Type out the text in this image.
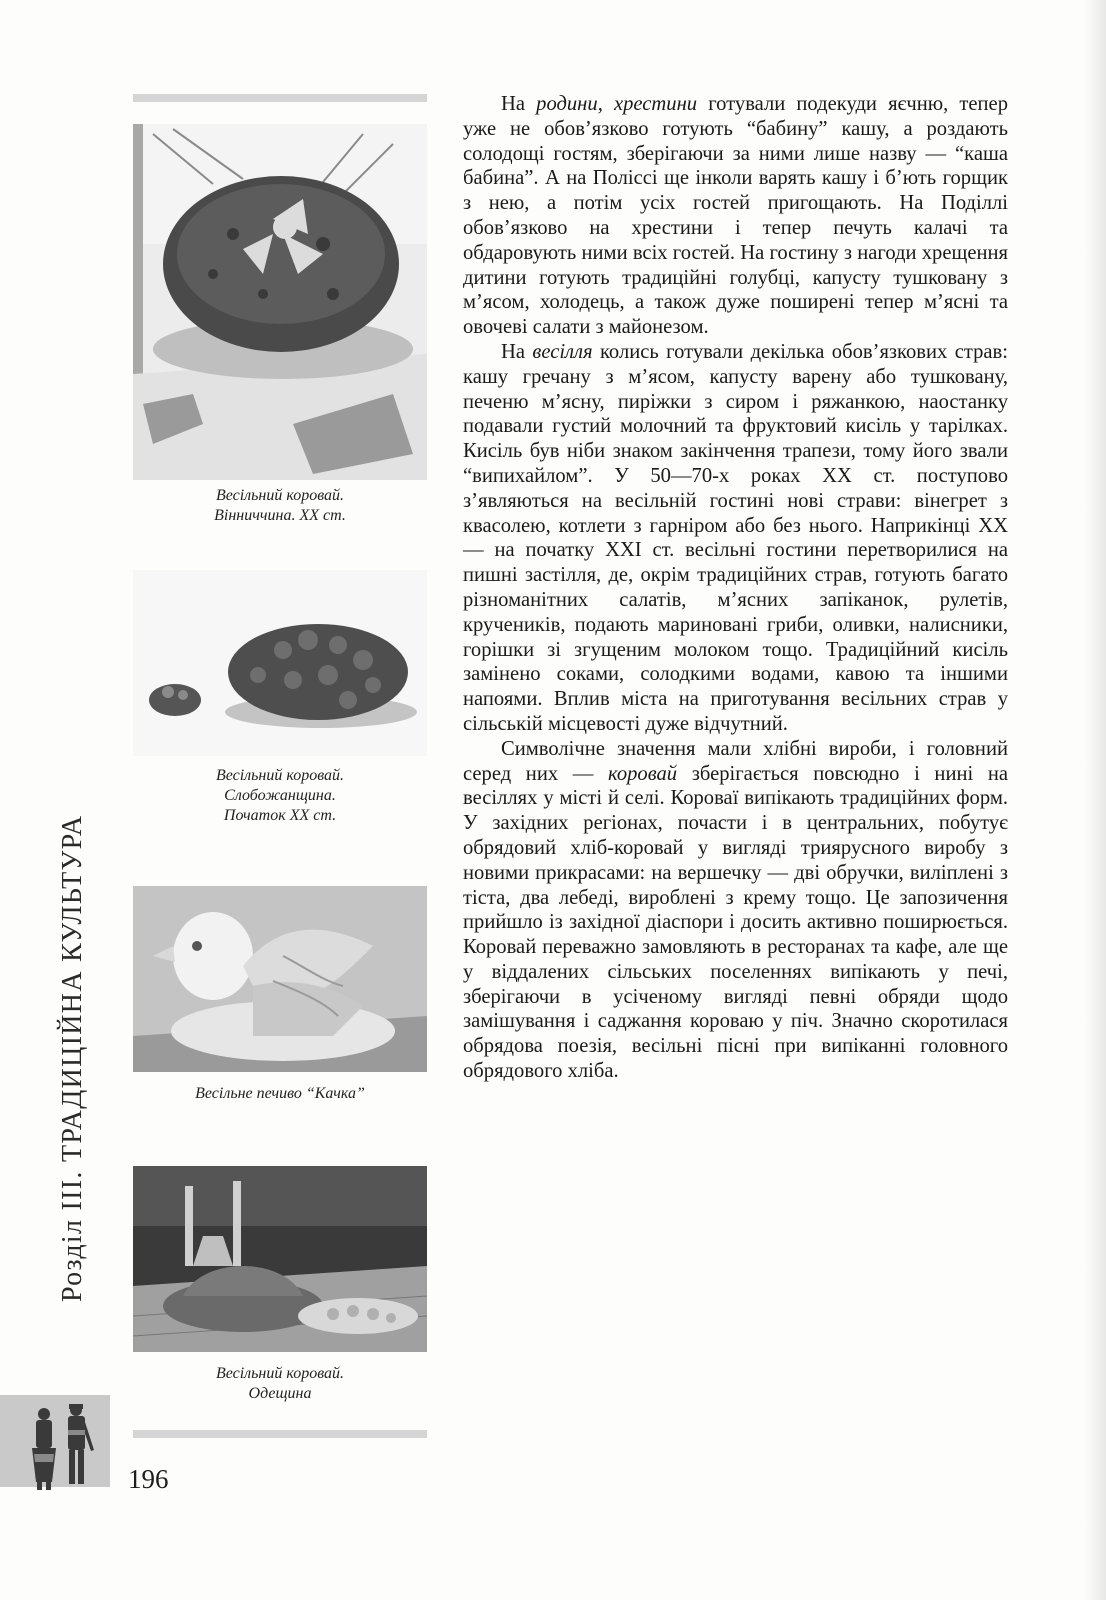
Розділ ІІІ. ТРАДИЦІЙНА КУЛЬТУРА
196
Весільний коровай.
Вінниччина. ХХ ст.
Весільний коровай.
Слобожанщина.
Початок ХХ ст.
Весільне печиво “Качка”
Весільний коровай.
Одещина

На родини, хрестини готували подекуди яєчню, тепер уже не обов’язково готують “бабину” кашу, а роздають солодощі гостям, зберігаючи за ними лише назву — “каша бабина”. А на Поліссі ще інколи варять кашу і б’ють горщик з нею, а потім усіх гостей пригощають. На Поділлі обов’язково на хрестини і тепер печуть калачі та обдаровують ними всіх гостей. На гостину з нагоди хрещення дитини готують традиційні голубці, капусту тушковану з м’ясом, холодець, а також дуже поширені тепер м’ясні та овочеві салати з майонезом.

На весілля колись готували декілька обов’язкових страв: кашу гречану з м’ясом, капусту варену або тушковану, печеню м’ясну, пиріжки з сиром і ряжанкою, наостанку подавали густий молочний та фруктовий кисіль у тарілках. Кисіль був ніби знаком закінчення трапези, тому його звали “випихайлом”. У 50—70-х роках ХХ ст. поступово з’являються на весільній гостині нові страви: вінегрет з квасолею, котлети з гарніром або без нього. Наприкінці ХХ — на початку ХХІ ст. весільні гостини перетворилися на пишні застілля, де, окрім традиційних страв, готують багато різноманітних салатів, м’ясних запіканок, рулетів, крученикiв, подають мариновані гриби, оливки, налисники, горішки зі згущеним молоком тощо. Традиційний кисіль замінено соками, солодкими водами, кавою та іншими напоями. Вплив міста на приготування весільних страв у сільській місцевості дуже відчутний.

Символічне значення мали хлібні вироби, і головний серед них — коровай зберігається повсюдно і нині на весіллях у місті й селі. Короваї випікають традиційних форм. У західних регіонах, почасти і в центральних, побутує обрядовий хліб-коровай у вигляді триярусного виробу з новими прикрасами: на вершечку — дві обручки, виліплені з тіста, два лебеді, вироблені з крему тощо. Це запозичення прийшло із західної діаспори і досить активно поширюється. Коровай переважно замовляють в ресторанах та кафе, але ще у віддалених сільських поселеннях випікають у печі, зберігаючи в усіченому вигляді певні обряди щодо замішування і саджання короваю у піч. Значно скоротилася обрядова поезія, весільні пісні при випіканні головного обрядового хліба.
